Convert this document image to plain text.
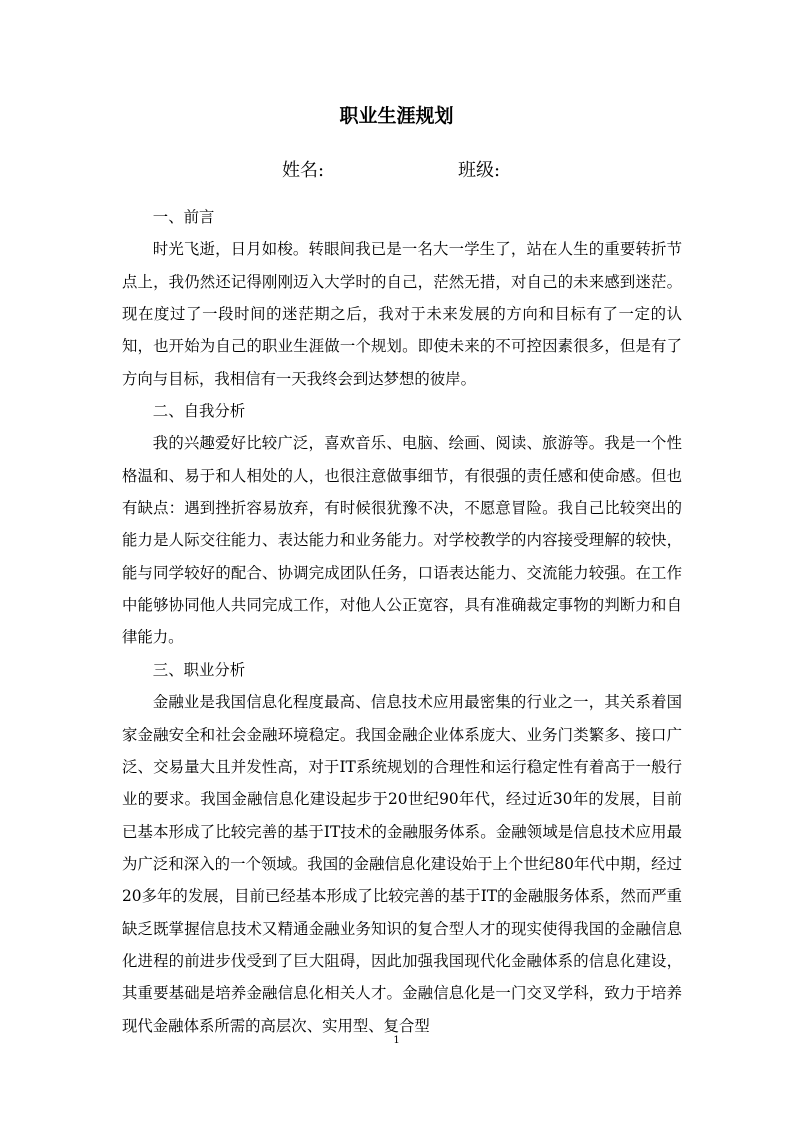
职业生涯规划
姓名:	班级:
一、前言

时光飞逝，日月如梭。转眼间我已是一名大一学生了，站在人生的重要转折节点上，我仍然还记得刚刚迈入大学时的自己，茫然无措，对自己的未来感到迷茫。现在度过了一段时间的迷茫期之后，我对于未来发展的方向和目标有了一定的认知，也开始为自己的职业生涯做一个规划。即使未来的不可控因素很多，但是有了方向与目标，我相信有一天我终会到达梦想的彼岸。

二、自我分析

我的兴趣爱好比较广泛，喜欢音乐、电脑、绘画、阅读、旅游等。我是一个性格温和、易于和人相处的人，也很注意做事细节，有很强的责任感和使命感。但也有缺点：遇到挫折容易放弃，有时候很犹豫不决，不愿意冒险。我自己比较突出的能力是人际交往能力、表达能力和业务能力。对学校教学的内容接受理解的较快，能与同学较好的配合、协调完成团队任务，口语表达能力、交流能力较强。在工作中能够协同他人共同完成工作，对他人公正宽容，具有准确裁定事物的判断力和自律能力。

三、职业分析

金融业是我国信息化程度最高、信息技术应用最密集的行业之一，其关系着国家金融安全和社会金融环境稳定。我国金融企业体系庞大、业务门类繁多、接口广泛、交易量大且并发性高，对于IT系统规划的合理性和运行稳定性有着高于一般行业的要求。我国金融信息化建设起步于20世纪90年代，经过近30年的发展，目前已基本形成了比较完善的基于IT技术的金融服务体系。金融领域是信息技术应用最为广泛和深入的一个领域。我国的金融信息化建设始于上个世纪80年代中期，经过20多年的发展，目前已经基本形成了比较完善的基于IT的金融服务体系，然而严重缺乏既掌握信息技术又精通金融业务知识的复合型人才的现实使得我国的金融信息化进程的前进步伐受到了巨大阻碍，因此加强我国现代化金融体系的信息化建设，其重要基础是培养金融信息化相关人才。金融信息化是一门交叉学科，致力于培养现代金融体系所需的高层次、实用型、复合型

1
